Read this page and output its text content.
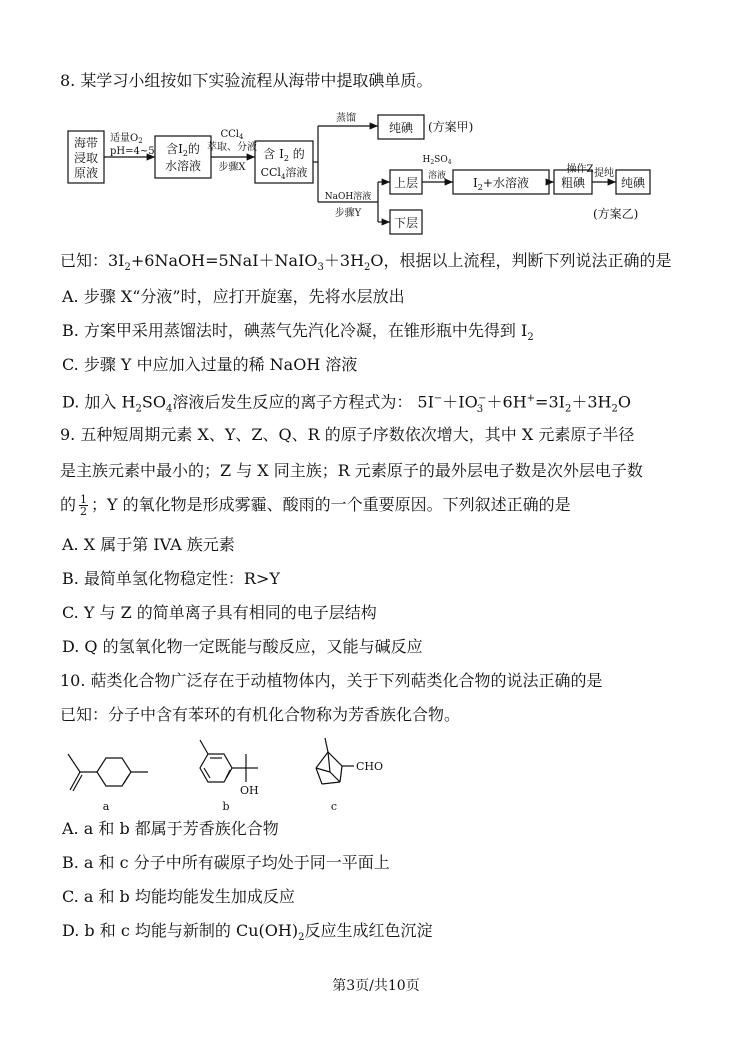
8. 某学习小组按如下实验流程从海带中提取碘单质。
海带
浸取
原液
适量$O_2$
pH=4~5 含$I_2$的
水溶液
CCl$_4$
萃取、分液
步骤X
含 $I_2$ 的
CCl$_4$溶液
蒸馏
纯碘 (方案甲)
NaOH溶液
步骤Y
上层
$H_2SO_4$
溶液 $I_2+$水溶液
操作Z
粗碘
提纯
纯碘
(方案乙)
下层
已知：$3I_2+6NaOH=5NaI+NaIO_3+3H_2O$，根据以上流程，判断下列说法正确的是
A. 步骤 X“分液”时，应打开旋塞，先将水层放出
B. 方案甲采用蒸馏法时，碘蒸气先汽化冷凝，在锥形瓶中先得到 $I_2$
C. 步骤 Y 中应加入过量的稀 NaOH 溶液
D. 加入 $H_2SO_4$溶液后发生反应的离子方程式为： $5I^-+IO_3^-+6H^+=3I_2+3H_2O$
9. 五种短周期元素 X、Y、Z、Q、R 的原子序数依次增大，其中 X 元素原子半径
是主族元素中最小的；Z 与 X 同主族；R 元素原子的最外层电子数是次外层电子数
的 $\frac{1}{2}$ ；Y 的氧化物是形成雾霾、酸雨的一个重要原因。下列叙述正确的是
A. X 属于第 IVA 族元素
B. 最简单氢化物稳定性：R>Y
C. Y 与 Z 的简单离子具有相同的电子层结构
D. Q 的氢氧化物一定既能与酸反应，又能与碱反应
10. 萜类化合物广泛存在于动植物体内，关于下列萜类化合物的说法正确的是
已知：分子中含有苯环的有机化合物称为芳香族化合物。
a
OH
b
CHO
c
A. a 和 b 都属于芳香族化合物
B. a 和 c 分子中所有碳原子均处于同一平面上
C. a 和 b 均能均能发生加成反应
D. b 和 c 均能与新制的 $Cu(OH)_2$反应生成红色沉淀
第3页/共10页
